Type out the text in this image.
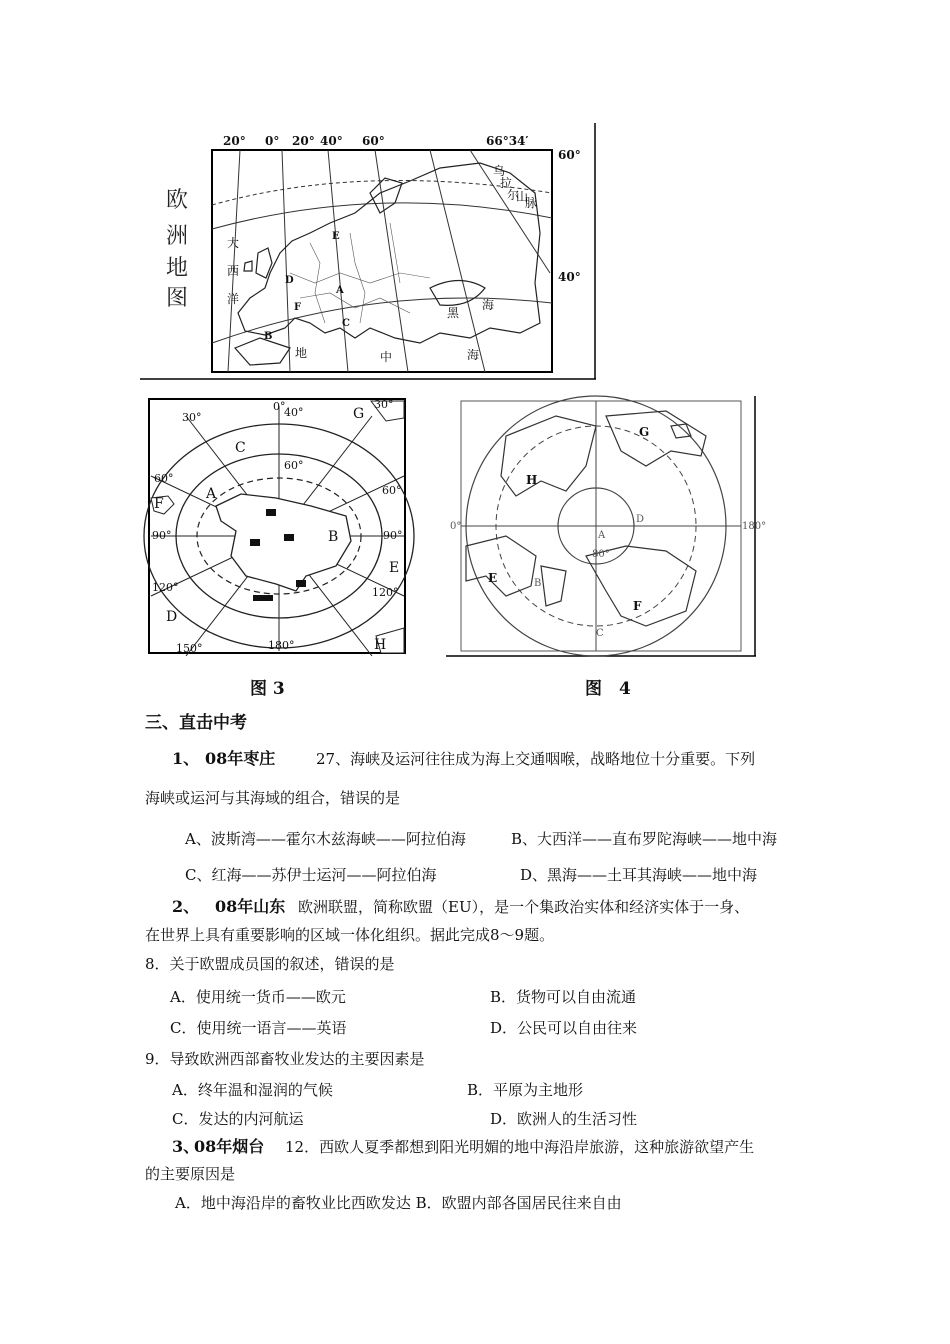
欧
洲
地
图
20° 0° 20° 40° 60°	66°34′
60°
40°
大
西
洋
地	中	海
黑
海
乌
拉
尔
山
脉
E
D
F
A
C
B
0°
30°
30°
40°
60°
60°
60°
90°	90°
120°	120°
150°	180°
A
B
C
D
E
F
G
H
0°	180°
80°
G
H
E
F
D
A
B
C
图 3	图　4
三、直击中考
1、 08年枣庄	27、海峡及运河往往成为海上交通咽喉，战略地位十分重要。下列
海峡或运河与其海域的组合，错误的是
A、波斯湾——霍尔木兹海峡——阿拉伯海	B、大西洋——直布罗陀海峡——地中海
C、红海——苏伊士运河——阿拉伯海	D、黑海——土耳其海峡——地中海
2、 08年山东 欧洲联盟，简称欧盟（EU），是一个集政治实体和经济实体于一身、
在世界上具有重要影响的区域一体化组织。据此完成8～9题。
8．关于欧盟成员国的叙述，错误的是
A．使用统一货币——欧元	B．货物可以自由流通
C．使用统一语言——英语	D．公民可以自由往来
9．导致欧洲西部畜牧业发达的主要因素是
A．终年温和湿润的气候	B．平原为主地形
C．发达的内河航运	D．欧洲人的生活习性
3、
08年烟台 12．西欧人夏季都想到阳光明媚的地中海沿岸旅游，这种旅游欲望产生
的主要原因是
A．地中海沿岸的畜牧业比西欧发达 B．欧盟内部各国居民往来自由
